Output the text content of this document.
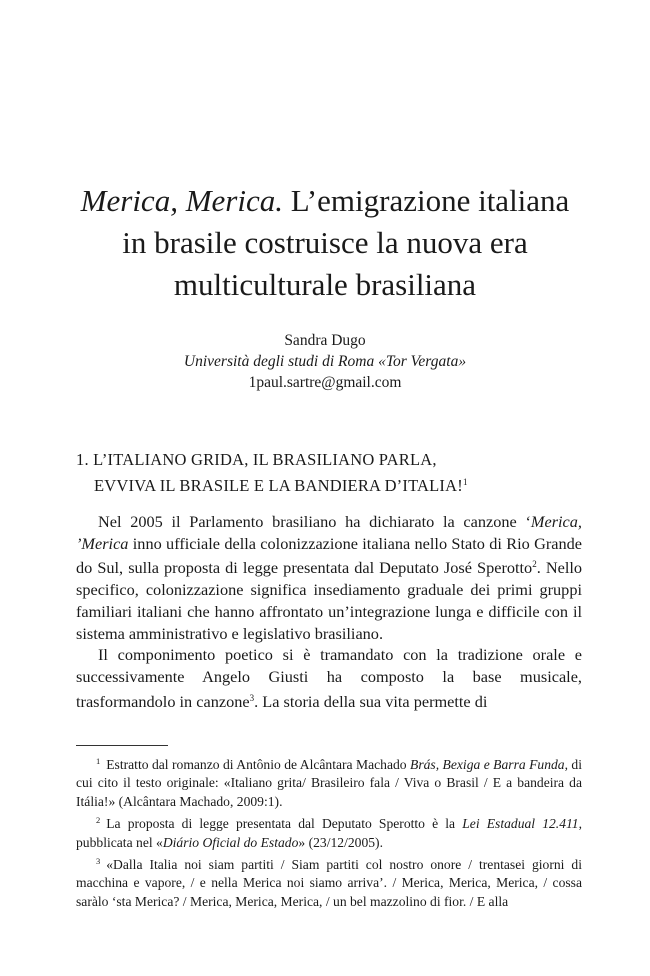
Merica, Merica. L’emigrazione italiana
in brasile costruisce la nuova era
multiculturale brasiliana
Sandra Dugo
Università degli studi di Roma «Tor Vergata»
1paul.sartre@gmail.com
1. L’ITALIANO GRIDA, IL BRASILIANO PARLA,
EVVIVA IL BRASILE E LA BANDIERA D’ITALIA!$^1$

Nel 2005 il Parlamento brasiliano ha dichiarato la canzone ‘Merica, ’Merica inno ufficiale della colonizzazione italiana nello Stato di Rio Grande do Sul, sulla proposta di legge presentata dal Deputato José Sperotto$^2$. Nello specifico, colonizzazione significa insediamento graduale dei primi gruppi familiari italiani che hanno affrontato un’integrazione lunga e difficile con il sistema amministrativo e legislativo brasiliano.

Il componimento poetico si è tramandato con la tradizione orale e successivamente Angelo Giusti ha composto la base musicale, trasformandolo in canzone$^3$. La storia della sua vita permette di

$^1$ Estratto dal romanzo di Antônio de Alcântara Machado Brás, Bexiga e Barra Funda, di cui cito il testo originale: «Italiano grita/ Brasileiro fala / Viva o Brasil / E a bandeira da Itália!» (Alcântara Machado, 2009:1).

$^2$ La proposta di legge presentata dal Deputato Sperotto è la Lei Estadual 12.411, pubblicata nel «Diário Oficial do Estado» (23/12/2005).

$^3$ «Dalla Italia noi siam partiti / Siam partiti col nostro onore / trentasei giorni di macchina e vapore, / e nella Merica noi siamo arriva’. / Merica, Merica, Merica, / cossa saràlo ‘sta Merica? / Merica, Merica, Merica, / un bel mazzolino di fior. / E alla
